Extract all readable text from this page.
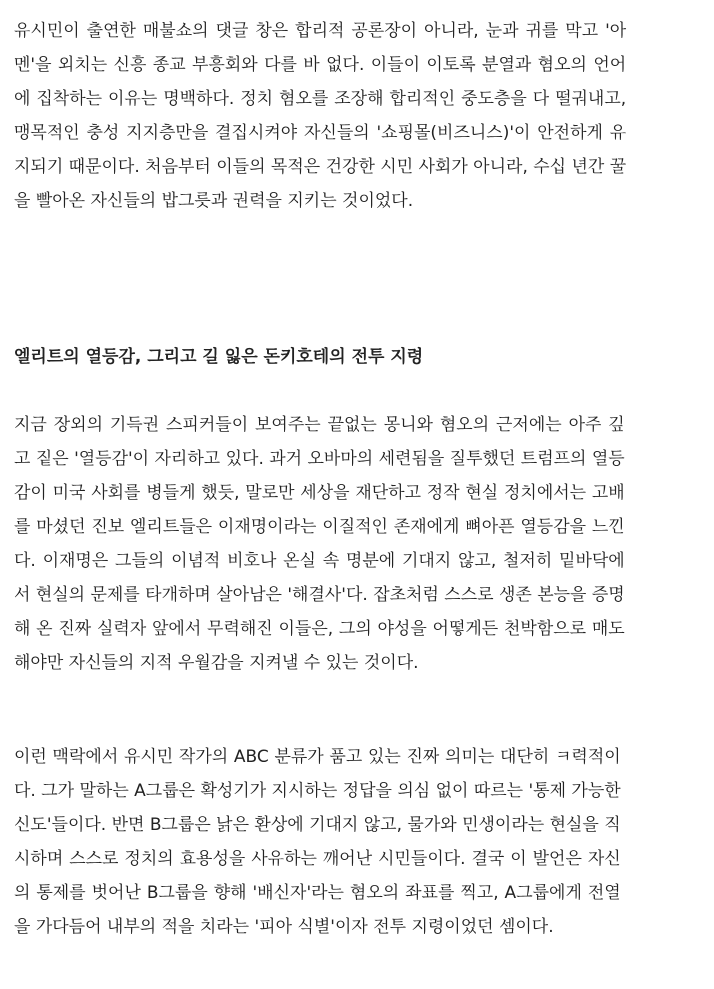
유시민이 출연한 매불쇼의 댓글 창은 합리적 공론장이 아니라, 눈과 귀를 막고 '아
멘'을 외치는 신흥 종교 부흥회와 다를 바 없다. 이들이 이토록 분열과 혐오의 언어
에 집착하는 이유는 명백하다. 정치 혐오를 조장해 합리적인 중도층을 다 떨궈내고,
맹목적인 충성 지지층만을 결집시켜야 자신들의 '쇼핑몰(비즈니스)'이 안전하게 유
지되기 때문이다. 처음부터 이들의 목적은 건강한 시민 사회가 아니라, 수십 년간 꿀
을 빨아온 자신들의 밥그릇과 권력을 지키는 것이었다.
엘리트의 열등감, 그리고 길 잃은 돈키호테의 전투 지령
지금 장외의 기득권 스피커들이 보여주는 끝없는 몽니와 혐오의 근저에는 아주 깊
고 짙은 '열등감'이 자리하고 있다. 과거 오바마의 세련됨을 질투했던 트럼프의 열등
감이 미국 사회를 병들게 했듯, 말로만 세상을 재단하고 정작 현실 정치에서는 고배
를 마셨던 진보 엘리트들은 이재명이라는 이질적인 존재에게 뼈아픈 열등감을 느낀
다. 이재명은 그들의 이념적 비호나 온실 속 명분에 기대지 않고, 철저히 밑바닥에
서 현실의 문제를 타개하며 살아남은 '해결사'다. 잡초처럼 스스로 생존 본능을 증명
해 온 진짜 실력자 앞에서 무력해진 이들은, 그의 야성을 어떻게든 천박함으로 매도
해야만 자신들의 지적 우월감을 지켜낼 수 있는 것이다.
이런 맥락에서 유시민 작가의 ABC 분류가 품고 있는 진짜 의미는 대단히 ㅋ력적이
다. 그가 말하는 A그룹은 확성기가 지시하는 정답을 의심 없이 따르는 '통제 가능한
신도'들이다. 반면 B그룹은 낡은 환상에 기대지 않고, 물가와 민생이라는 현실을 직
시하며 스스로 정치의 효용성을 사유하는 깨어난 시민들이다. 결국 이 발언은 자신
의 통제를 벗어난 B그룹을 향해 '배신자'라는 혐오의 좌표를 찍고, A그룹에게 전열
을 가다듬어 내부의 적을 치라는 '피아 식별'이자 전투 지령이었던 셈이다.
